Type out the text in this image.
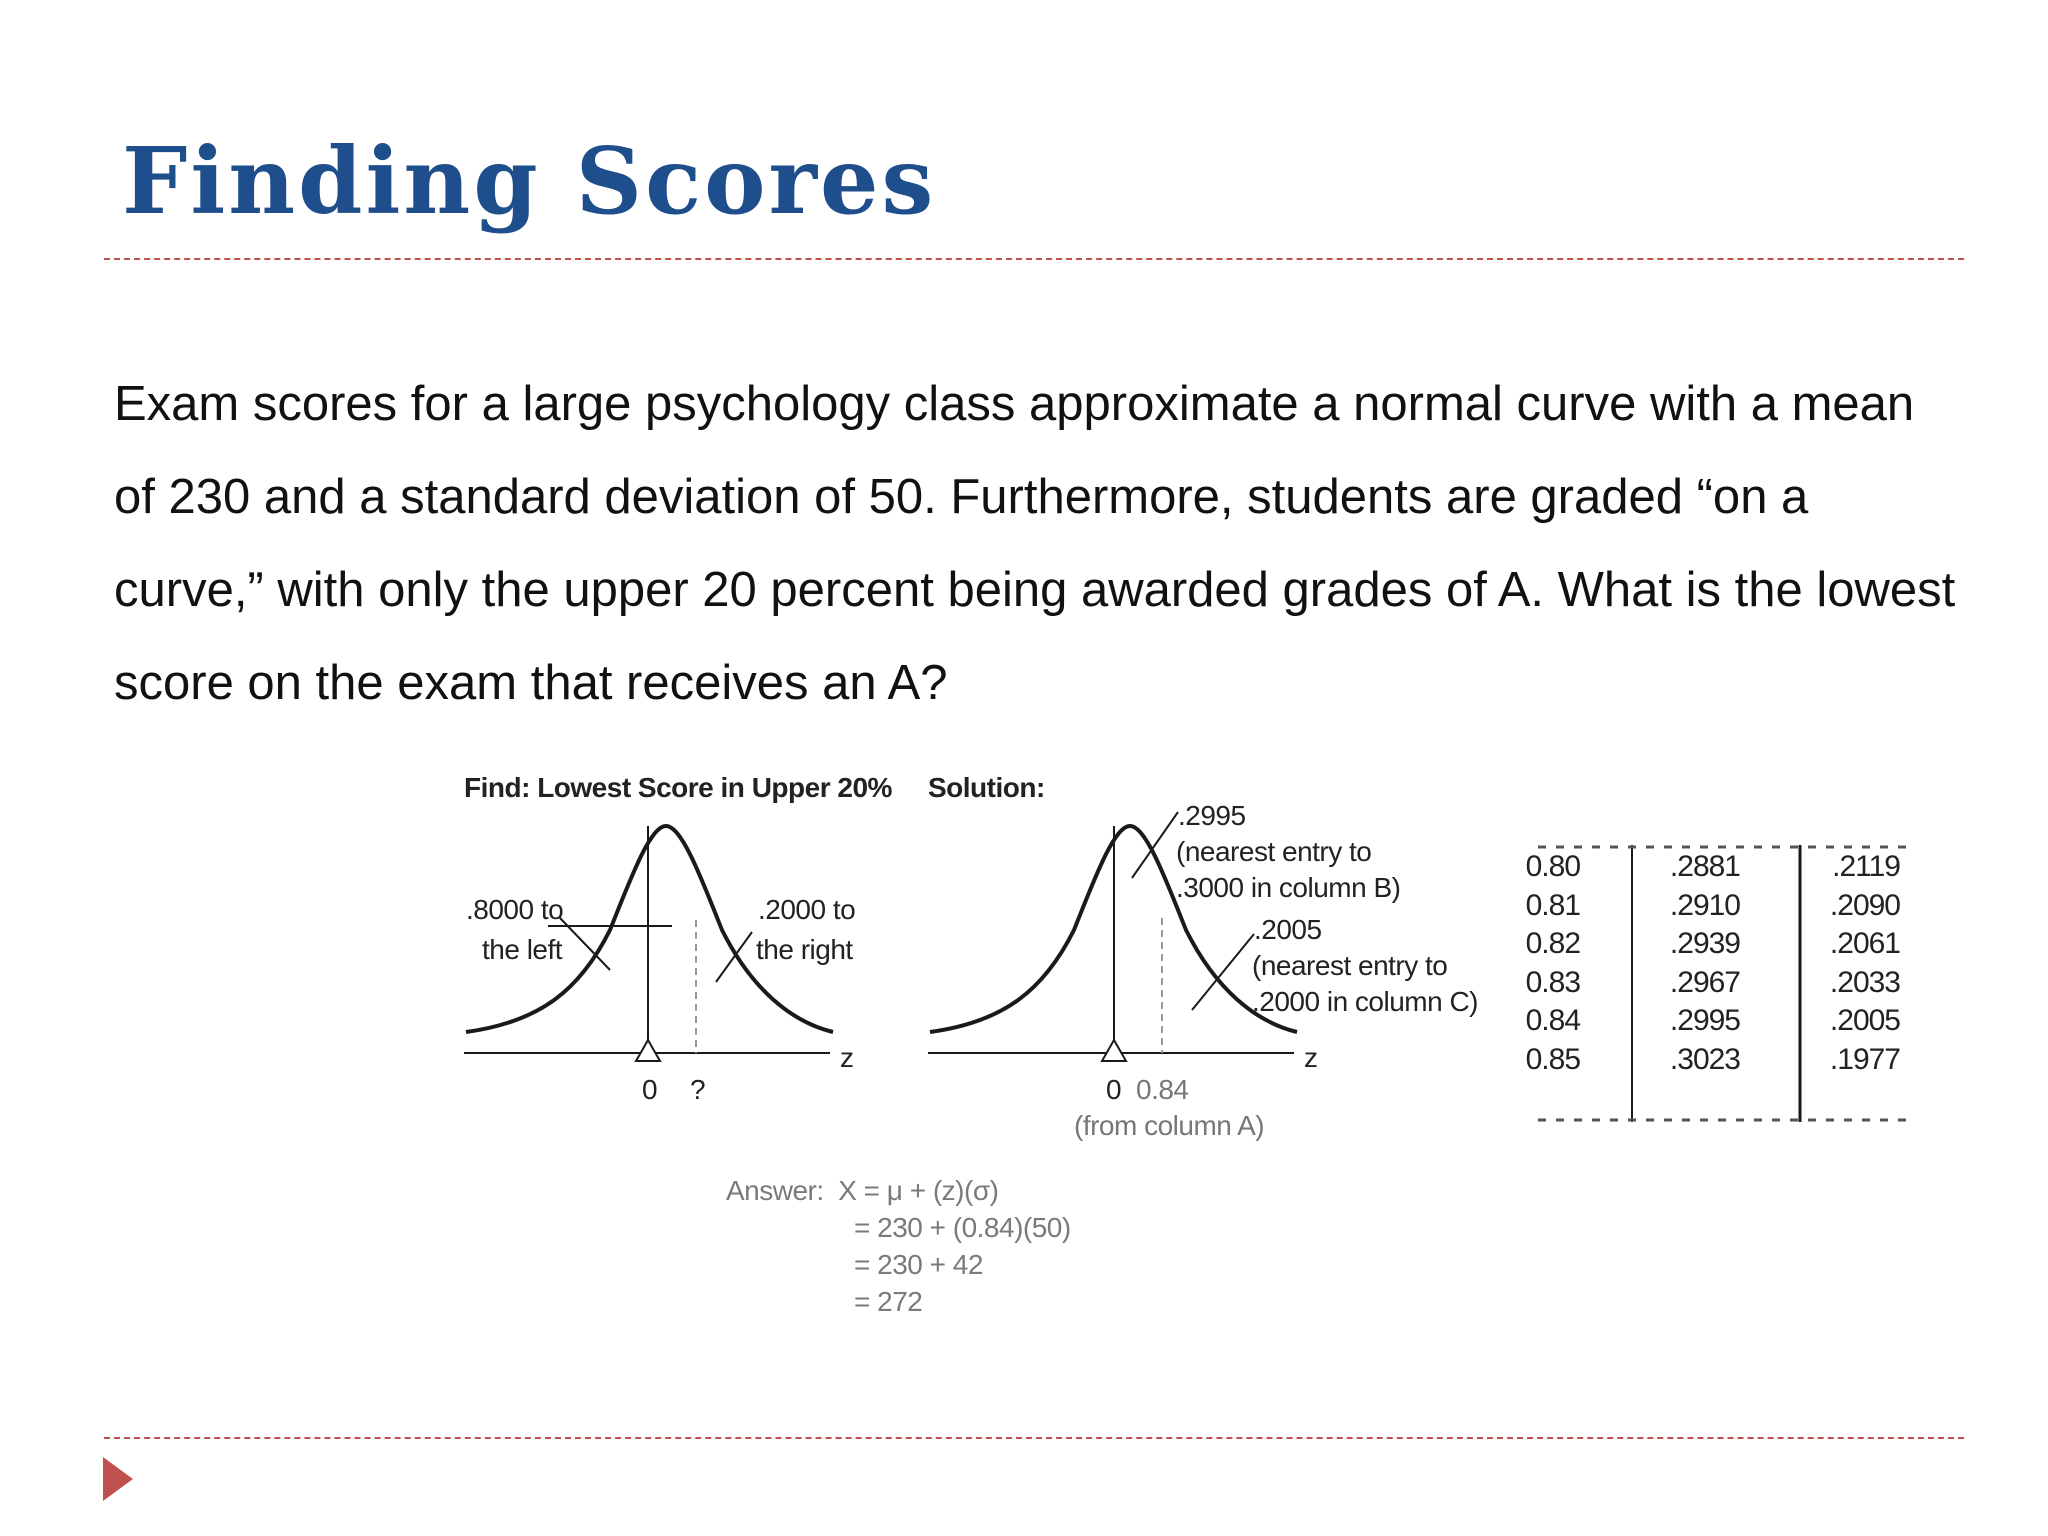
Finding Scores

Exam scores for a large psychology class approximate a normal curve with a mean of 230 and a standard deviation of 50. Furthermore, students are graded “on a curve,” with only the upper 20 percent being awarded grades of A. What is the lowest score on the exam that receives an A?

Find: Lowest Score in Upper 20%
.8000 to
the left
.2000 to
the right
z
0 ?
Solution:
.2995
(nearest entry to
.3000 in column B)
.2005
(nearest entry to
.2000 in column C)
z
0 0.84
(from column A)
0.80
0.81
0.82
0.83
0.84
0.85
.2881
.2910
.2939
.2967
.2995
.3023
.2119
.2090
.2061
.2033
.2005
.1977
Answer: X = μ + (z)(σ)
= 230 + (0.84)(50)
= 230 + 42
= 272
